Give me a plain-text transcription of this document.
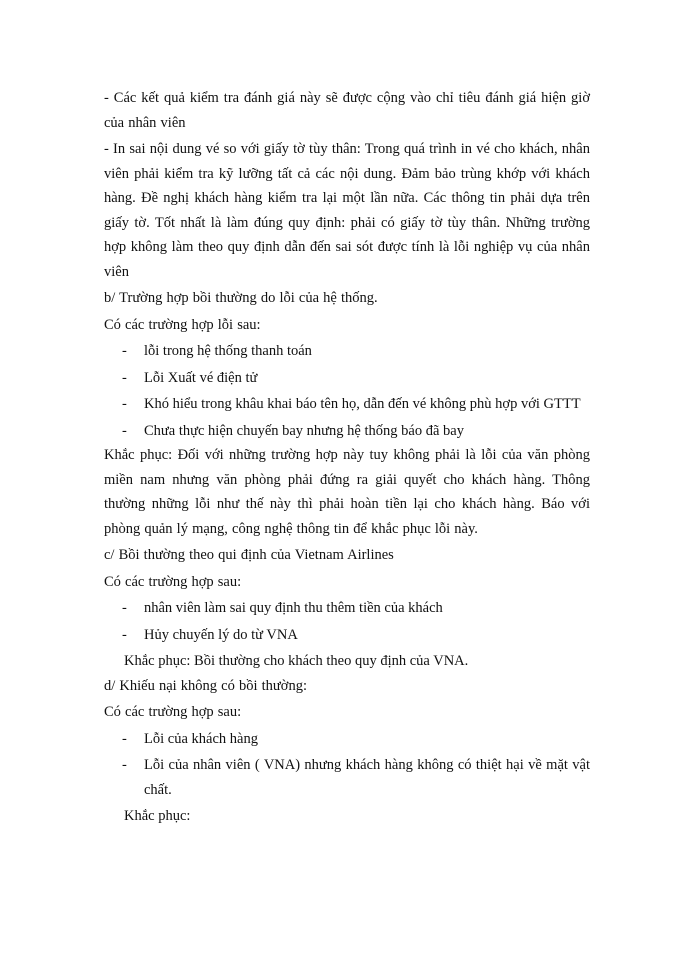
- Các kết quả kiểm tra đánh giá này sẽ được cộng vào chỉ tiêu đánh giá hiện giờ của nhân viên

- In sai nội dung vé so với giấy tờ tùy thân: Trong quá trình in vé cho khách, nhân viên phải kiểm tra kỹ lưỡng tất cả các nội dung. Đảm bảo trùng khớp với khách hàng. Đề nghị khách hàng kiểm tra lại một lần nữa. Các thông tin phải dựa trên giấy tờ. Tốt nhất là làm đúng quy định: phải có giấy tờ tùy thân. Những trường hợp không làm theo quy định dẫn đến sai sót được tính là lỗi nghiệp vụ của nhân viên

b/ Trường hợp bồi thường do lỗi của hệ thống.

Có các trường hợp lỗi sau:

- lỗi trong hệ thống thanh toán
- Lỗi Xuất vé điện tử
- Khó hiểu trong khâu khai báo tên họ, dẫn đến vé không phù hợp với GTTT
- Chưa thực hiện chuyến bay nhưng hệ thống báo đã bay

Khắc phục: Đối với những trường hợp này tuy không phải là lỗi của văn phòng miền nam nhưng văn phòng phải đứng ra giải quyết cho khách hàng. Thông thường những lỗi như thế này thì phải hoàn tiền lại cho khách hàng. Báo với phòng quản lý mạng, công nghệ thông tin để khắc phục lỗi này.

c/ Bồi thường theo qui định của Vietnam Airlines

Có các trường hợp sau:

- nhân viên làm sai quy định thu thêm tiền của khách
- Hủy chuyến lý do từ VNA

Khắc phục: Bồi thường cho khách theo quy định của VNA.

d/ Khiếu nại không có bồi thường:

Có các trường hợp sau:

- Lỗi của khách hàng
- Lỗi của nhân viên ( VNA) nhưng khách hàng không có thiệt hại về mặt vật chất.

Khắc phục:
